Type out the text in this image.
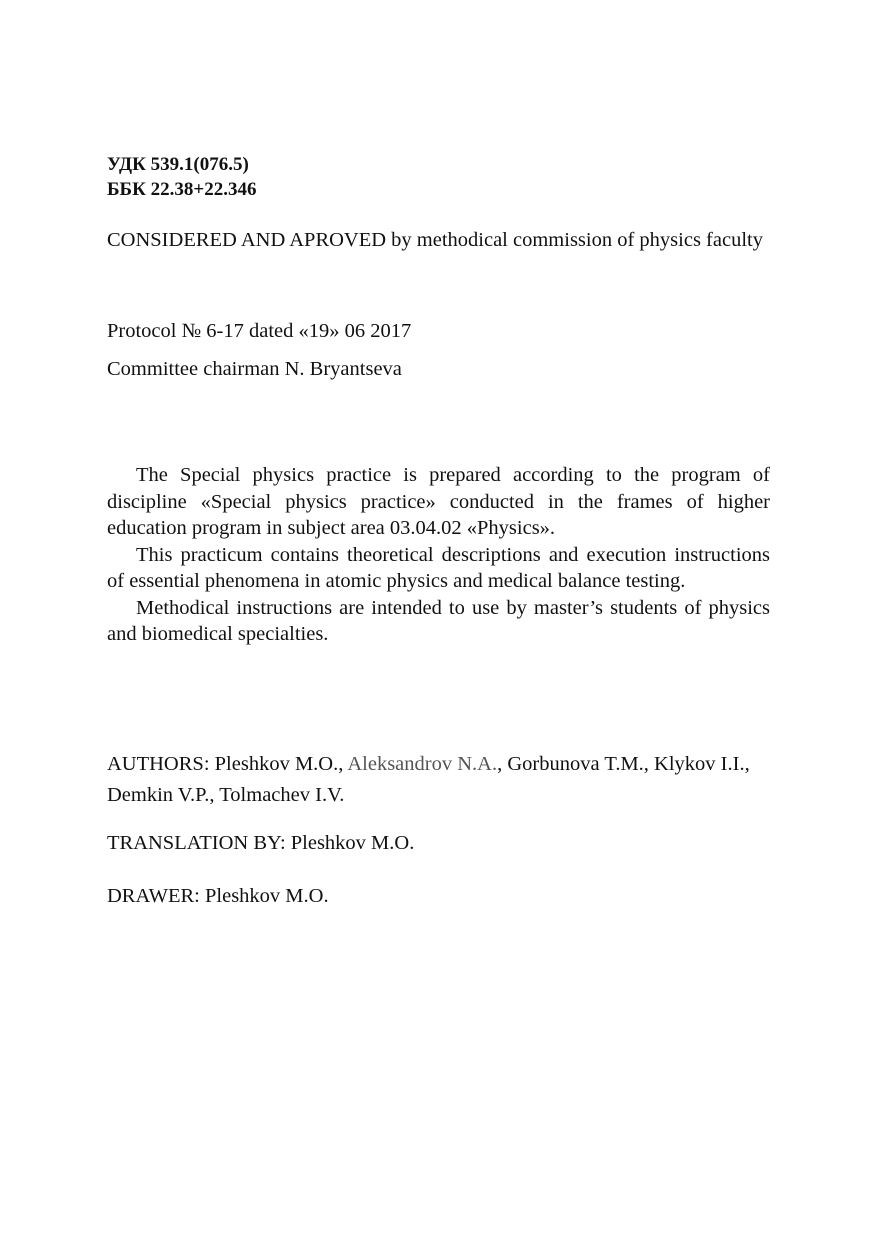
УДК 539.1(076.5)
ББК 22.38+22.346
CONSIDERED AND APROVED by methodical commission of physics faculty
Protocol № 6-17 dated «19» 06 2017
Committee chairman N. Bryantseva

The Special physics practice is prepared according to the program of discipline «Special physics practice» conducted in the frames of higher education program in subject area 03.04.02 «Physics».

This practicum contains theoretical descriptions and execution instructions of essential phenomena in atomic physics and medical balance testing.

Methodical instructions are intended to use by master’s students of physics and biomedical specialties.

AUTHORS: Pleshkov M.O., Aleksandrov N.A., Gorbunova T.M., Klykov I.I., Demkin V.P., Tolmachev I.V.
TRANSLATION BY: Pleshkov M.O.
DRAWER: Pleshkov M.O.
